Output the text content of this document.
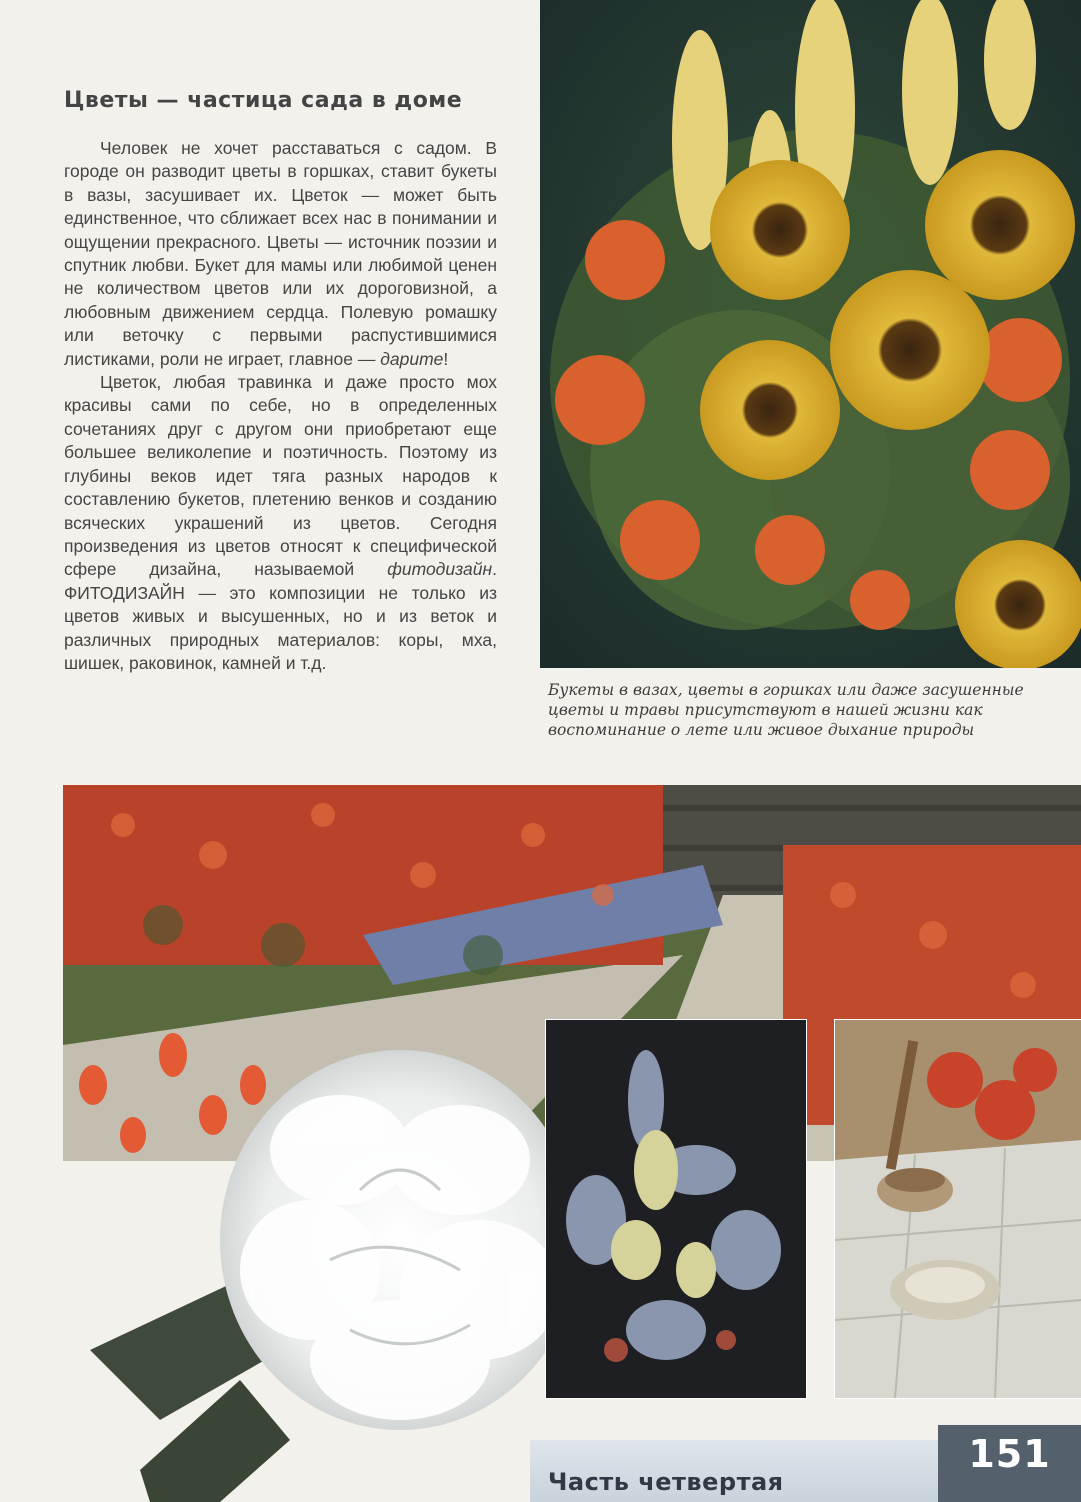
Цветы — частица сада в доме

Человек не хочет расставаться с садом. В городе он разводит цветы в горшках, ставит букеты в вазы, засушивает их. Цветок — может быть единственное, что сближает всех нас в понимании и ощущении прекрасного. Цветы — источник поэзии и спутник любви. Букет для мамы или любимой ценен не количеством цветов или их дороговизной, а любовным движением сердца. Полевую ромашку или веточку с первыми распустившимися листиками, роли не играет, главное — дарите!

Цветок, любая травинка и даже просто мох красивы сами по себе, но в определенных сочетаниях друг с другом они приобретают еще большее великолепие и поэтичность. Поэтому из глубины веков идет тяга разных народов к составлению букетов, плетению венков и созданию всяческих украшений из цветов. Сегодня произведения из цветов относят к специфической сфере дизайна, называемой фитодизайн. ФИТОДИЗАЙН — это композиции не только из цветов живых и высушенных, но и из веток и различных природных материалов: коры, мха, шишек, раковинок, камней и т.д.

Букеты в вазах, цветы в горшках или даже засушенные цветы и травы присутствуют в нашей жизни как воспоминание о лете или живое дыхание природы
Часть четвертая
151
